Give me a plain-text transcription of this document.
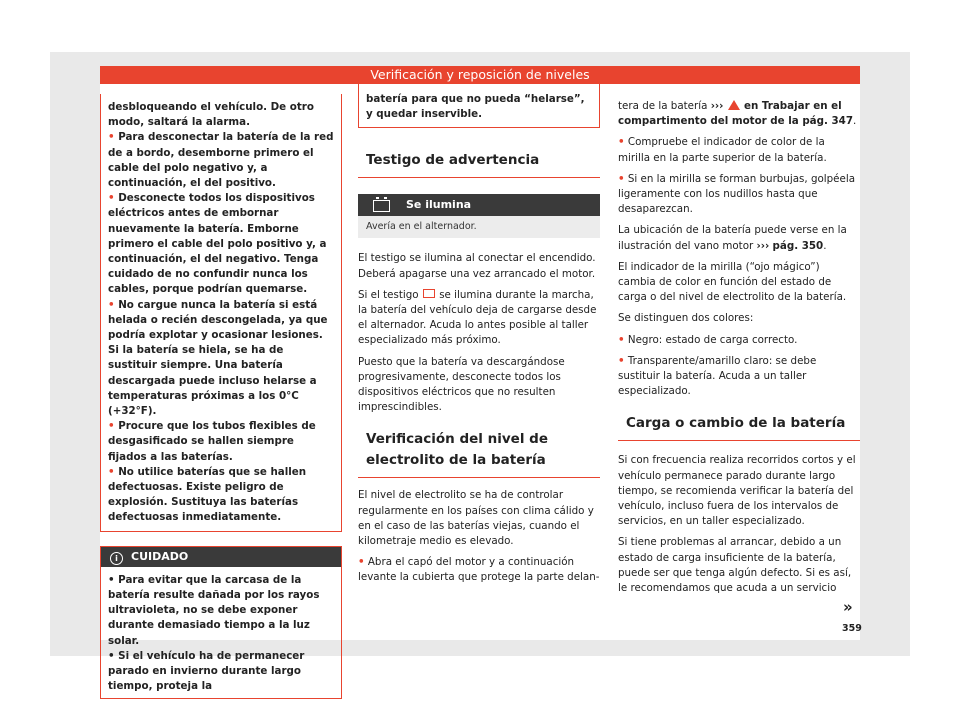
Verificación y reposición de niveles

desbloqueando el vehículo. De otro modo, saltará la alarma.

• Para desconectar la batería de la red de a bordo, desemborne primero el cable del polo negativo y, a continuación, el del positivo.

• Desconecte todos los dispositivos eléctricos antes de embornar nuevamente la batería. Emborne primero el cable del polo positivo y, a continuación, el del negativo. Tenga cuidado de no confundir nunca los cables, porque podrían quemarse.

• No cargue nunca la batería si está helada o recién descongelada, ya que podría explotar y ocasionar lesiones. Si la batería se hiela, se ha de sustituir siempre. Una batería descargada puede incluso helarse a temperaturas próximas a los 0°C (+32°F).

• Procure que los tubos flexibles de desgasificado se hallen siempre fijados a las baterías.

• No utilice baterías que se hallen defectuosas. Existe peligro de explosión. Sustituya las baterías defectuosas inmediatamente.

i CUIDADO

• Para evitar que la carcasa de la batería resulte dañada por los rayos ultravioleta, no se debe exponer durante demasiado tiempo a la luz solar.

• Si el vehículo ha de permanecer parado en invierno durante largo tiempo, proteja la

batería para que no pueda “helarse”, y quedar inservible.

Testigo de advertencia
Se ilumina
Avería en el alternador.

El testigo se ilumina al conectar el encendido. Deberá apagarse una vez arrancado el motor.

Si el testigo se ilumina durante la marcha, la batería del vehículo deja de cargarse desde el alternador. Acuda lo antes posible al taller especializado más próximo.

Puesto que la batería va descargándose progresivamente, desconecte todos los dispositivos eléctricos que no resulten imprescindibles.

Verificación del nivel de electrolito de la batería

El nivel de electrolito se ha de controlar regularmente en los países con clima cálido y en el caso de las baterías viejas, cuando el kilometraje medio es elevado.

• Abra el capó del motor y a continuación levante la cubierta que protege la parte delan-

tera de la batería ››› en Trabajar en el compartimento del motor de la pág. 347.

• Compruebe el indicador de color de la mirilla en la parte superior de la batería.

• Si en la mirilla se forman burbujas, golpéela ligeramente con los nudillos hasta que desaparezcan.

La ubicación de la batería puede verse en la ilustración del vano motor ››› pág. 350.

El indicador de la mirilla (“ojo mágico”) cambia de color en función del estado de carga o del nivel de electrolito de la batería.

Se distinguen dos colores:

• Negro: estado de carga correcto.

• Transparente/amarillo claro: se debe sustituir la batería. Acuda a un taller especializado.

Carga o cambio de la batería

Si con frecuencia realiza recorridos cortos y el vehículo permanece parado durante largo tiempo, se recomienda verificar la batería del vehículo, incluso fuera de los intervalos de servicios, en un taller especializado.

Si tiene problemas al arrancar, debido a un estado de carga insuficiente de la batería, puede ser que tenga algún defecto. Si es así, le recomendamos que acuda a un servicio

»
359
